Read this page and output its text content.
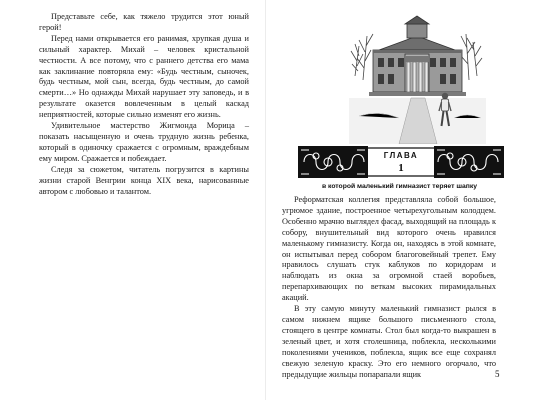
Представьте себе, как тяжело трудится этот юный герой!

Перед нами открывается его ранимая, хрупкая душа и сильный характер. Михай – человек кристальной честности. А все потому, что с раннего детства его мама как заклинание повторяла ему: «Будь честным, сыночек, будь честным, мой сын, всегда, будь честным, до самой смерти…» Но однажды Михай нарушает эту заповедь, и в результате оказется вовлеченным в целый каскад неприятностей, которые сильно изменят его жизнь.

Удивительное мастерство Жигмонда Морица – показать насыщенную и очень трудную жизнь ребенка, который в одиночку сражается с огромным, враждебным ему миром. Сражается и побеждает.

Следя за сюжетом, читатель погрузится в картины жизни старой Венгрии конца XIX века, нарисованные автором с любовью и талантом.

ГЛАВА
1
в которой маленький гимназист теряет шапку

Реформатская коллегия представляла собой большое, угрюмое здание, построенное четырехугольным колодцем. Особенно мрачно выглядел фасад, выходящий на площадь к собору, внушительный вид которого очень нравился маленькому гимназисту. Когда он, находясь в этой комнате, он испытывал перед собором благоговейный трепет. Ему нравилось слушать стук каблуков по коридорам и наблюдать из окна за огромной стаей воробьев, перепархивающих по веткам высоких пирамидальных акаций.

В эту самую минуту маленький гимназист рылся в самом нижнем ящике большого письменного стола, стоящего в центре комнаты. Стол был когда-то выкрашен в зеленый цвет, и хотя столешница, поблекла, несколькими поколениями учеников, поблекла, ящик все еще сохранял свежую зеленую краску. Это его немного огорчало, что предыдущие жильцы попарапали ящик	5
